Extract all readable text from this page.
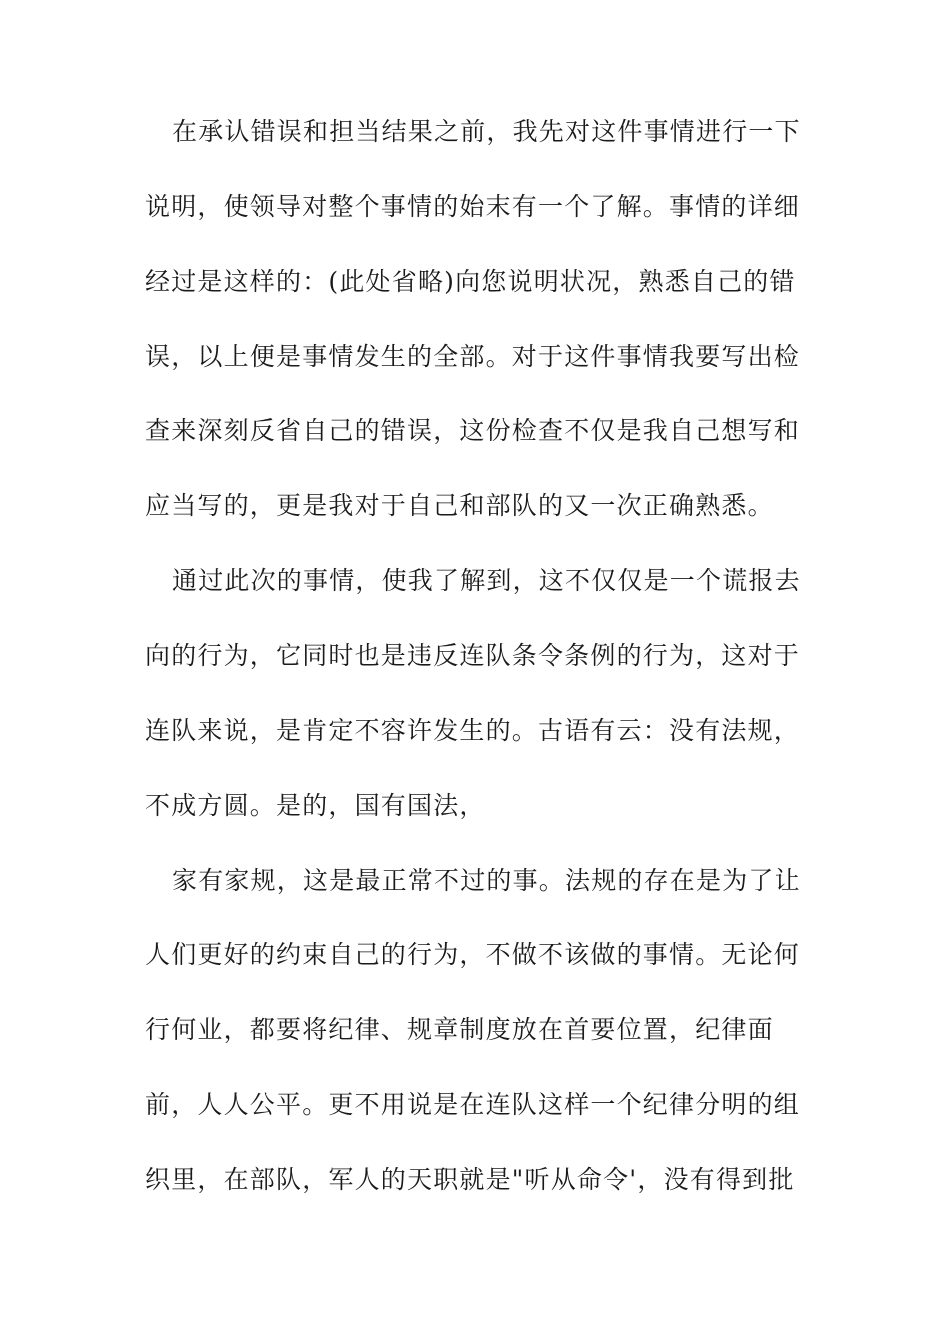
在承认错误和担当结果之前，我先对这件事情进行一下
说明，使领导对整个事情的始末有一个了解。事情的详细
经过是这样的：(此处省略)向您说明状况，熟悉自己的错
误，以上便是事情发生的全部。对于这件事情我要写出检
查来深刻反省自己的错误，这份检查不仅是我自己想写和
应当写的，更是我对于自己和部队的又一次正确熟悉。
通过此次的事情，使我了解到，这不仅仅是一个谎报去
向的行为，它同时也是违反连队条令条例的行为，这对于
连队来说，是肯定不容许发生的。古语有云：没有法规，
不成方圆。是的，国有国法，
家有家规，这是最正常不过的事。法规的存在是为了让
人们更好的约束自己的行为，不做不该做的事情。无论何
行何业，都要将纪律、规章制度放在首要位置，纪律面
前，人人公平。更不用说是在连队这样一个纪律分明的组
织里，在部队，军人的天职就是"听从命令'，没有得到批
